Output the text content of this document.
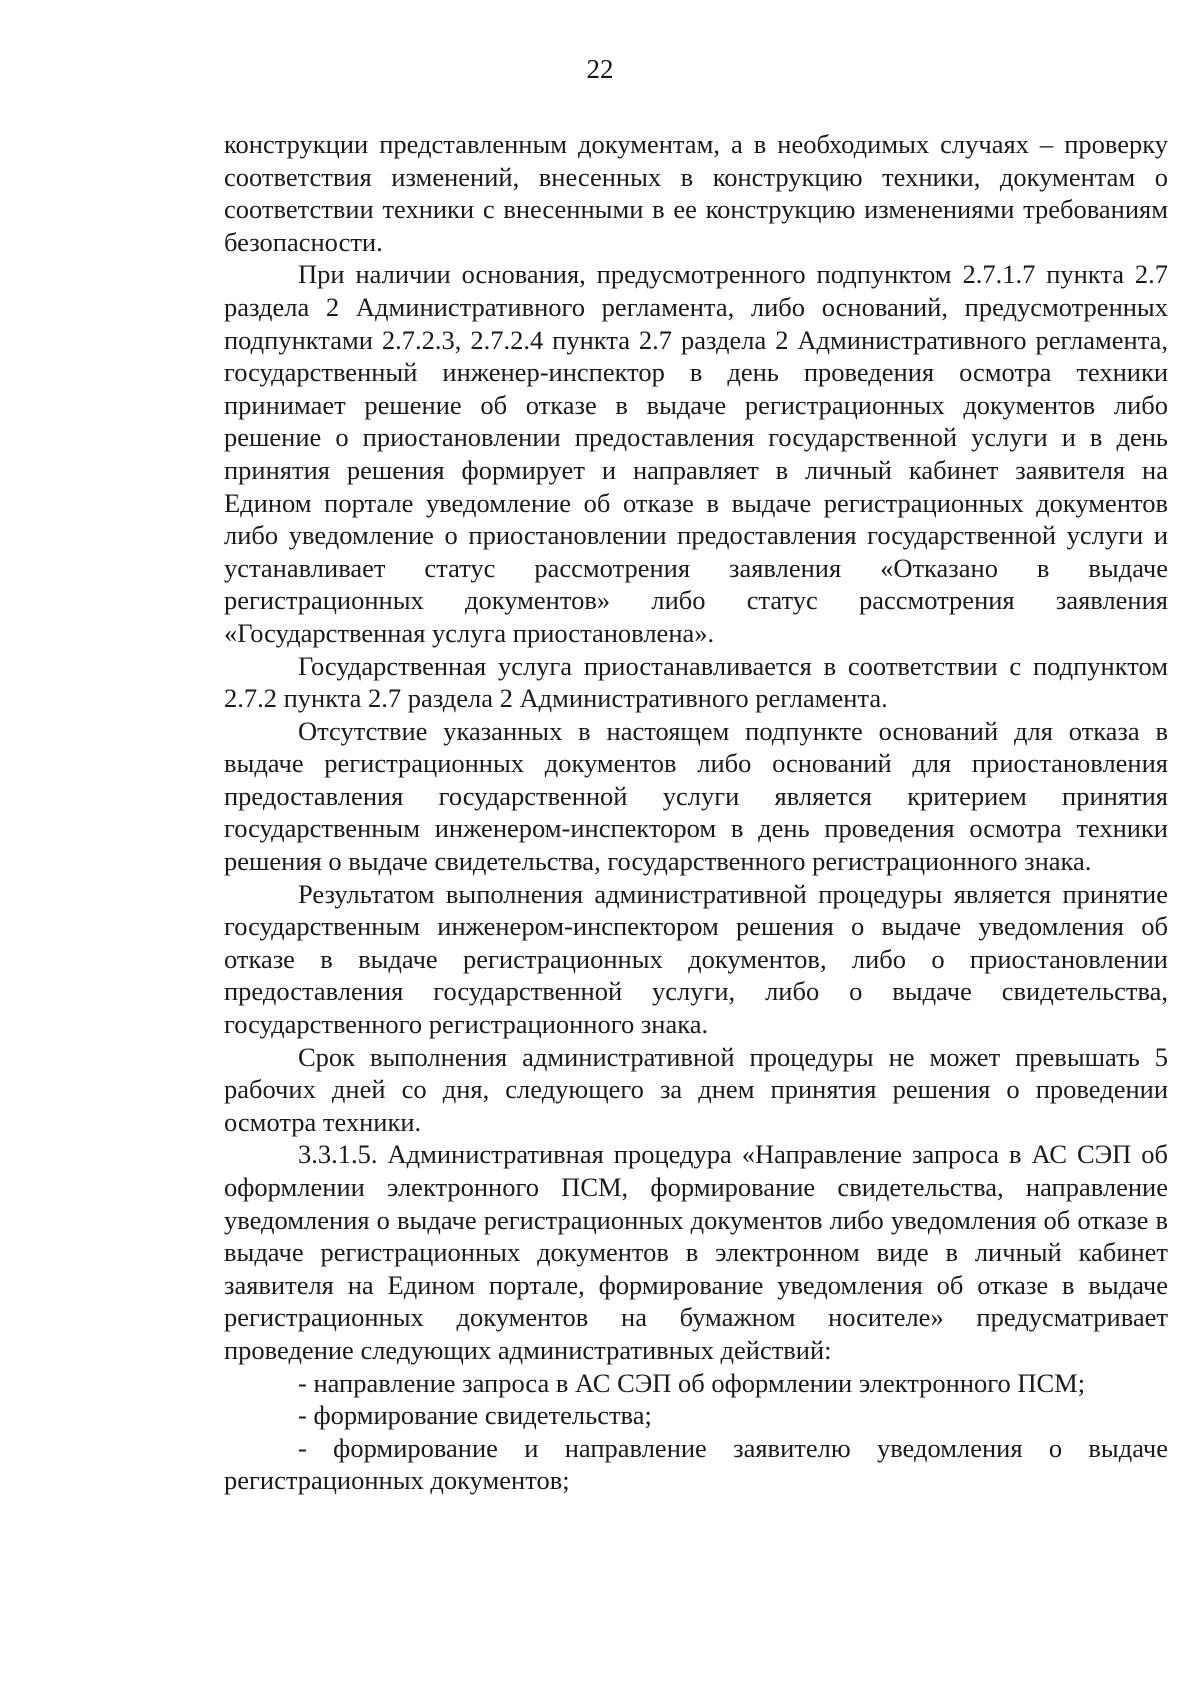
22

конструкции представленным документам, а в необходимых случаях – проверку соответствия изменений, внесенных в конструкцию техники, документам о соответствии техники с внесенными в ее конструкцию изменениями требованиям безопасности.

При наличии основания, предусмотренного подпунктом 2.7.1.7 пункта 2.7 раздела 2 Административного регламента, либо оснований, предусмотренных подпунктами 2.7.2.3, 2.7.2.4 пункта 2.7 раздела 2 Административного регламента, государственный инженер-инспектор в день проведения осмотра техники принимает решение об отказе в выдаче регистрационных документов либо решение о приостановлении предоставления государственной услуги и в день принятия решения формирует и направляет в личный кабинет заявителя на Едином портале уведомление об отказе в выдаче регистрационных документов либо уведомление о приостановлении предоставления государственной услуги и устанавливает статус рассмотрения заявления «Отказано в выдаче регистрационных документов» либо статус рассмотрения заявления «Государственная услуга приостановлена».

Государственная услуга приостанавливается в соответствии с подпунктом 2.7.2 пункта 2.7 раздела 2 Административного регламента.

Отсутствие указанных в настоящем подпункте оснований для отказа в выдаче регистрационных документов либо оснований для приостановления предоставления государственной услуги является критерием принятия государственным инженером-инспектором в день проведения осмотра техники решения о выдаче свидетельства, государственного регистрационного знака.

Результатом выполнения административной процедуры является принятие государственным инженером-инспектором решения о выдаче уведомления об отказе в выдаче регистрационных документов, либо о приостановлении предоставления государственной услуги, либо о выдаче свидетельства, государственного регистрационного знака.

Срок выполнения административной процедуры не может превышать 5 рабочих дней со дня, следующего за днем принятия решения о проведении осмотра техники.

3.3.1.5. Административная процедура «Направление запроса в АС СЭП об оформлении электронного ПСМ, формирование свидетельства, направление уведомления о выдаче регистрационных документов либо уведомления об отказе в выдаче регистрационных документов в электронном виде в личный кабинет заявителя на Едином портале, формирование уведомления об отказе в выдаче регистрационных документов на бумажном носителе» предусматривает проведение следующих административных действий:

- направление запроса в АС СЭП об оформлении электронного ПСМ;

- формирование свидетельства;

- формирование и направление заявителю уведомления о выдаче регистрационных документов;
